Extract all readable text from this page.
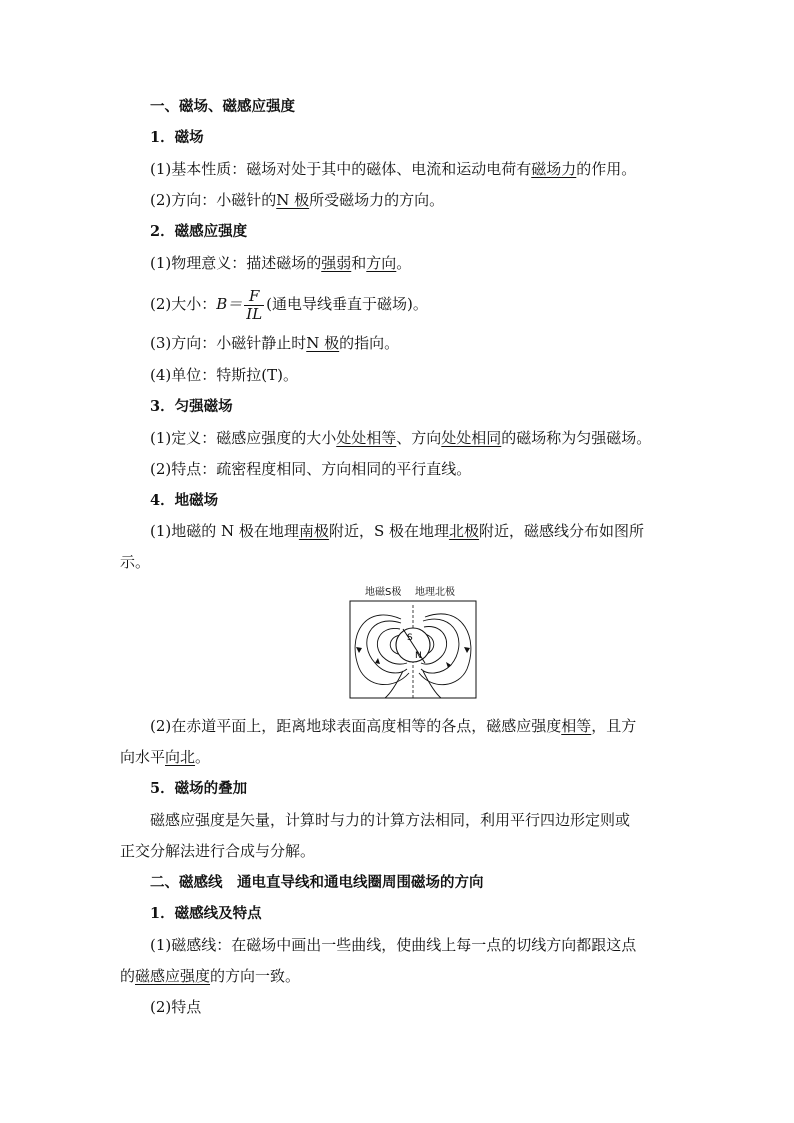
一、磁场、磁感应强度
1．磁场
(1)基本性质：磁场对处于其中的磁体、电流和运动电荷有磁场力的作用。
(2)方向：小磁针的N 极所受磁场力的方向。
2．磁感应强度
(1)物理意义：描述磁场的强弱和方向。
(2)大小：$B= \frac{F}{IL}$ (通电导线垂直于磁场)。
(3)方向：小磁针静止时N 极的指向。
(4)单位：特斯拉(T)。
3．匀强磁场
(1)定义：磁感应强度的大小处处相等、方向处处相同的磁场称为匀强磁场。
(2)特点：疏密程度相同、方向相同的平行直线。
4．地磁场
(1)地磁的 N 极在地理南极附近，S 极在地理北极附近，磁感线分布如图所
示。
地磁S极 地理北极
S
N
(2)在赤道平面上，距离地球表面高度相等的各点，磁感应强度相等，且方
向水平向北。
5．磁场的叠加
磁感应强度是矢量，计算时与力的计算方法相同，利用平行四边形定则或
正交分解法进行合成与分解。
二、磁感线　通电直导线和通电线圈周围磁场的方向
1．磁感线及特点
(1)磁感线：在磁场中画出一些曲线，使曲线上每一点的切线方向都跟这点
的磁感应强度的方向一致。
(2)特点
